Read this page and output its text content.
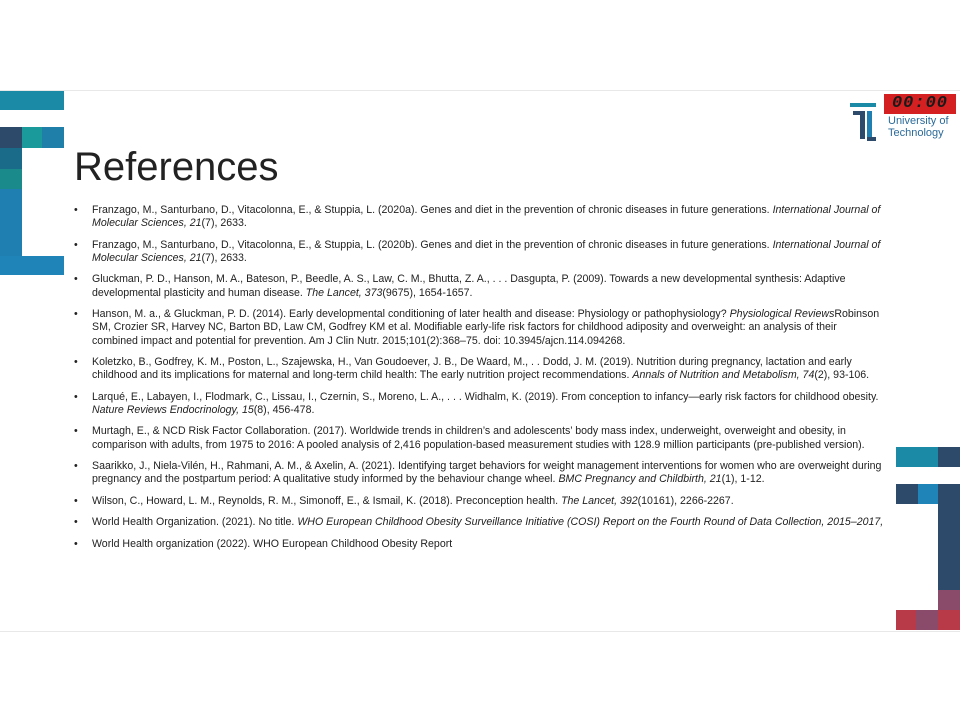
University of
Technology
00:00
References
• Franzago, M., Santurbano, D., Vitacolonna, E., & Stuppia, L. (2020a). Genes and diet in the prevention of chronic diseases in future generations. International Journal of Molecular Sciences, 21(7), 2633.
• Franzago, M., Santurbano, D., Vitacolonna, E., & Stuppia, L. (2020b). Genes and diet in the prevention of chronic diseases in future generations. International Journal of Molecular Sciences, 21(7), 2633.
• Gluckman, P. D., Hanson, M. A., Bateson, P., Beedle, A. S., Law, C. M., Bhutta, Z. A., . . . Dasgupta, P. (2009). Towards a new developmental synthesis: Adaptive developmental plasticity and human disease. The Lancet, 373(9675), 1654-1657.
• Hanson, M. a., & Gluckman, P. D. (2014). Early developmental conditioning of later health and disease: Physiology or pathophysiology? Physiological ReviewsRobinson SM, Crozier SR, Harvey NC, Barton BD, Law CM, Godfrey KM et al. Modifiable early-life risk factors for childhood adiposity and overweight: an analysis of their combined impact and potential for prevention. Am J Clin Nutr. 2015;101(2):368–75. doi: 10.3945/ajcn.114.094268.
• Koletzko, B., Godfrey, K. M., Poston, L., Szajewska, H., Van Goudoever, J. B., De Waard, M., . . Dodd, J. M. (2019). Nutrition during pregnancy, lactation and early childhood and its implications for maternal and long-term child health: The early nutrition project recommendations. Annals of Nutrition and Metabolism, 74(2), 93-106.
• Larqué, E., Labayen, I., Flodmark, C., Lissau, I., Czernin, S., Moreno, L. A., . . . Widhalm, K. (2019). From conception to infancy—early risk factors for childhood obesity. Nature Reviews Endocrinology, 15(8), 456-478.
• Murtagh, E., & NCD Risk Factor Collaboration. (2017). Worldwide trends in children’s and adolescents’ body mass index, underweight, overweight and obesity, in comparison with adults, from 1975 to 2016: A pooled analysis of 2,416 population-based measurement studies with 128.9 million participants (pre-published version).
• Saarikko, J., Niela-Vilén, H., Rahmani, A. M., & Axelin, A. (2021). Identifying target behaviors for weight management interventions for women who are overweight during pregnancy and the postpartum period: A qualitative study informed by the behaviour change wheel. BMC Pregnancy and Childbirth, 21(1), 1-12.
• Wilson, C., Howard, L. M., Reynolds, R. M., Simonoff, E., & Ismail, K. (2018). Preconception health. The Lancet, 392(10161), 2266-2267.
• World Health Organization. (2021). No title. WHO European Childhood Obesity Surveillance Initiative (COSI) Report on the Fourth Round of Data Collection, 2015–2017,
• World Health organization (2022). WHO European Childhood Obesity Report
